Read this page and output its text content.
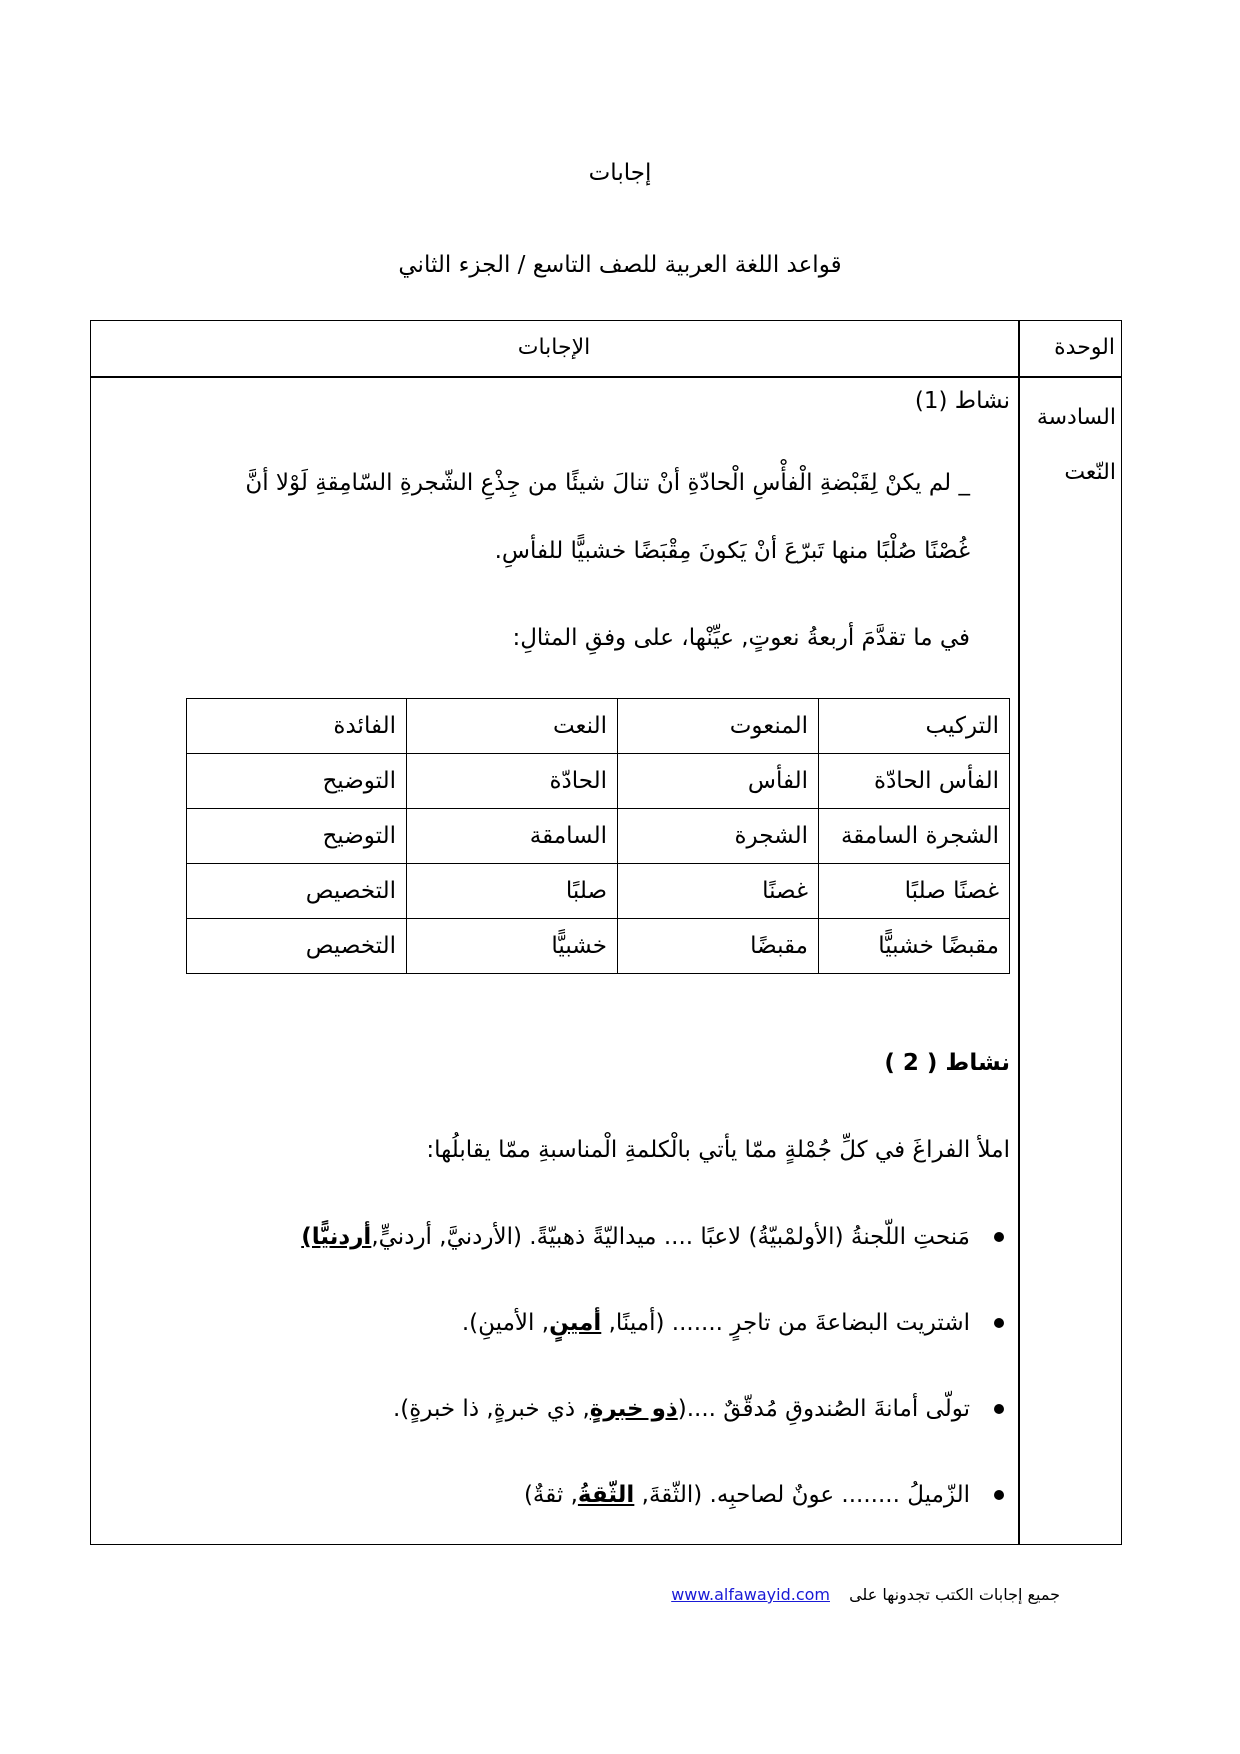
إجابات
قواعد اللغة العربية للصف التاسع / الجزء الثاني
الوحدة
الإجابات
السادسة
النّعت
نشاط (1)
_ لم يكنْ لِقَبْضةِ الْفأْسِ الْحادّةِ أنْ تنالَ شيئًا من جِذْعِ الشّجرةِ السّامِقةِ لَوْلا أنَّ
غُصْنًا صُلْبًا منها تَبرّعَ أنْ يَكونَ مِقْبَضًا خشبيًّا للفأسِ.
في ما تقدَّمَ أربعةُ نعوتٍ, عيِّنْها، على وفقِ المثالِ:
التركيب	المنعوت	النعت	الفائدة
الفأس الحادّة	الفأس	الحادّة	التوضيح
الشجرة السامقة	الشجرة	السامقة	التوضيح
غصنًا صلبًا	غصنًا	صلبًا	التخصيص
مقبضًا خشبيًّا	مقبضًا	خشبيًّا	التخصيص
نشاط ( 2 )
املأ الفراغَ في كلِّ جُمْلةٍ ممّا يأتي بالْكلمةِ الْمناسبةِ ممّا يقابلُها:
مَنحتِ اللّجنةُ (الأولمْبيّةُ) لاعبًا .... ميداليّةً ذهبيّةً. (الأردنيَّ, أردنيٍّ,أردنيًّا)
اشتريت البضاعةَ من تاجرٍ ....... (أمينًا, أمينٍ, الأمينِ).
تولّى أمانةَ الصُندوقِ مُدقّقٌ ....(ذو خبرةٍ, ذي خبرةٍ, ذا خبرةٍ).
الزّميلُ ........ عونٌ لصاحبِه. (الثّقةَ, الثّقةُ, ثقةٌ)
جميع إجابات الكتب تجدونها على www.alfawayid.com
